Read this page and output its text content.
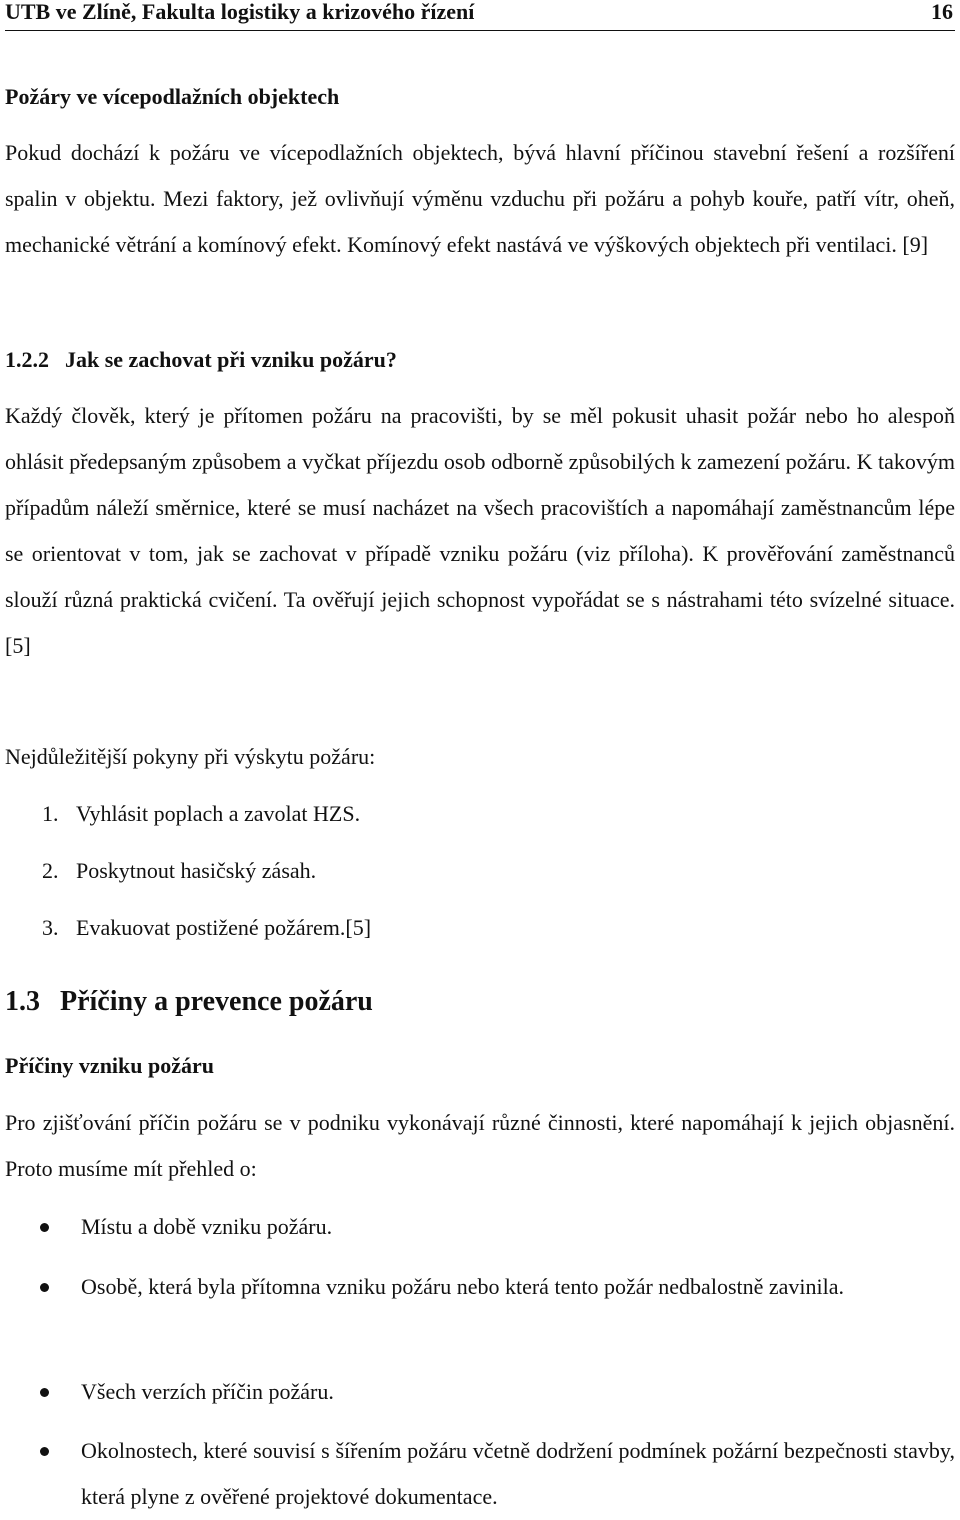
UTB ve Zlíně, Fakulta logistiky a krizového řízení	16
Požáry ve vícepodlažních objektech
Pokud dochází k požáru ve vícepodlažních objektech, bývá hlavní příčinou stavební řešení a rozšíření spalin v objektu. Mezi faktory, jež ovlivňují výměnu vzduchu při požáru a pohyb kouře, patří vítr, oheň, mechanické větrání a komínový efekt. Komínový efekt nastává ve výškových objektech při ventilaci. [9]
1.2.2 Jak se zachovat při vzniku požáru?
Každý člověk, který je přítomen požáru na pracovišti, by se měl pokusit uhasit požár nebo ho alespoň ohlásit předepsaným způsobem a vyčkat příjezdu osob odborně způsobilých k zamezení požáru. K takovým případům náleží směrnice, které se musí nacházet na všech pracovištích a napomáhají zaměstnancům lépe se orientovat v tom, jak se zachovat v případě vzniku požáru (viz příloha). K prověřování zaměstnanců slouží různá praktická cvičení. Ta ověřují jejich schopnost vypořádat se s nástrahami této svízelné situace. [5]
Nejdůležitější pokyny při výskytu požáru:
1. Vyhlásit poplach a zavolat HZS.
2. Poskytnout hasičský zásah.
3. Evakuovat postižené požárem.[5]
1.3 Příčiny a prevence požáru
Příčiny vzniku požáru
Pro zjišťování příčin požáru se v podniku vykonávají různé činnosti, které napomáhají k jejich objasnění. Proto musíme mít přehled o:
Místu a době vzniku požáru.
Osobě, která byla přítomna vzniku požáru nebo která tento požár nedbalostně zavinila.
Všech verzích příčin požáru.
Okolnostech, které souvisí s šířením požáru včetně dodržení podmínek požární bezpečnosti stavby, která plyne z ověřené projektové dokumentace.
